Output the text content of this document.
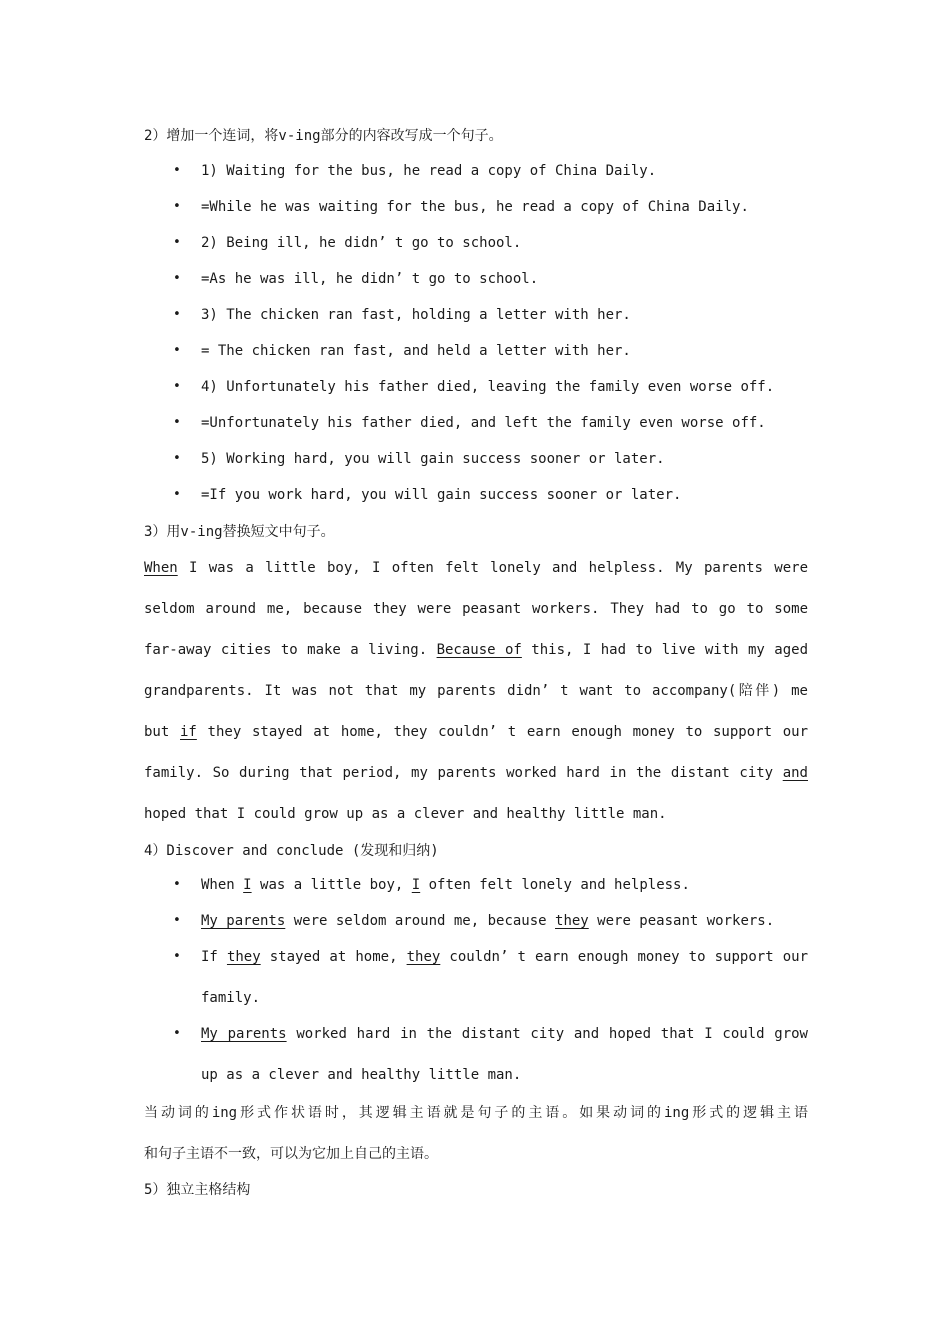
2）增加一个连词，将v-ing部分的内容改写成一个句子。
• 1) Waiting for the bus, he read a copy of China Daily.
• =While he was waiting for the bus, he read a copy of China Daily.
• 2) Being ill, he didn’ t go to school.
• =As he was ill, he didn’ t go to school.
• 3) The chicken ran fast, holding a letter with her.
• = The chicken ran fast, and held a letter with her.
• 4) Unfortunately his father died, leaving the family even worse off.
• =Unfortunately his father died, and left the family even worse off.
• 5) Working hard, you will gain success sooner or later.
• =If you work hard, you will gain success sooner or later.
3）用v-ing替换短文中句子。
When I was a little boy, I often felt lonely and helpless. My parents were
seldom around me, because they were peasant workers. They had to go to some
far-away cities to make a living. Because of this, I had to live with my aged
grandparents. It was not that my parents didn’ t want to accompany(陪伴) me
but if they stayed at home, they couldn’ t earn enough money to support our
family. So during that period, my parents worked hard in the distant city and
hoped that I could grow up as a clever and healthy little man.
4）Discover and conclude (发现和归纳)
• When I was a little boy, I often felt lonely and helpless.
• My parents were seldom around me, because they were peasant workers.
• If they stayed at home, they couldn’ t earn enough money to support our
family.
• My parents worked hard in the distant city and hoped that I could grow
up as a clever and healthy little man.
当动词的ing形式作状语时，其逻辑主语就是句子的主语。如果动词的ing形式的逻辑主语
和句子主语不一致，可以为它加上自己的主语。
5）独立主格结构
